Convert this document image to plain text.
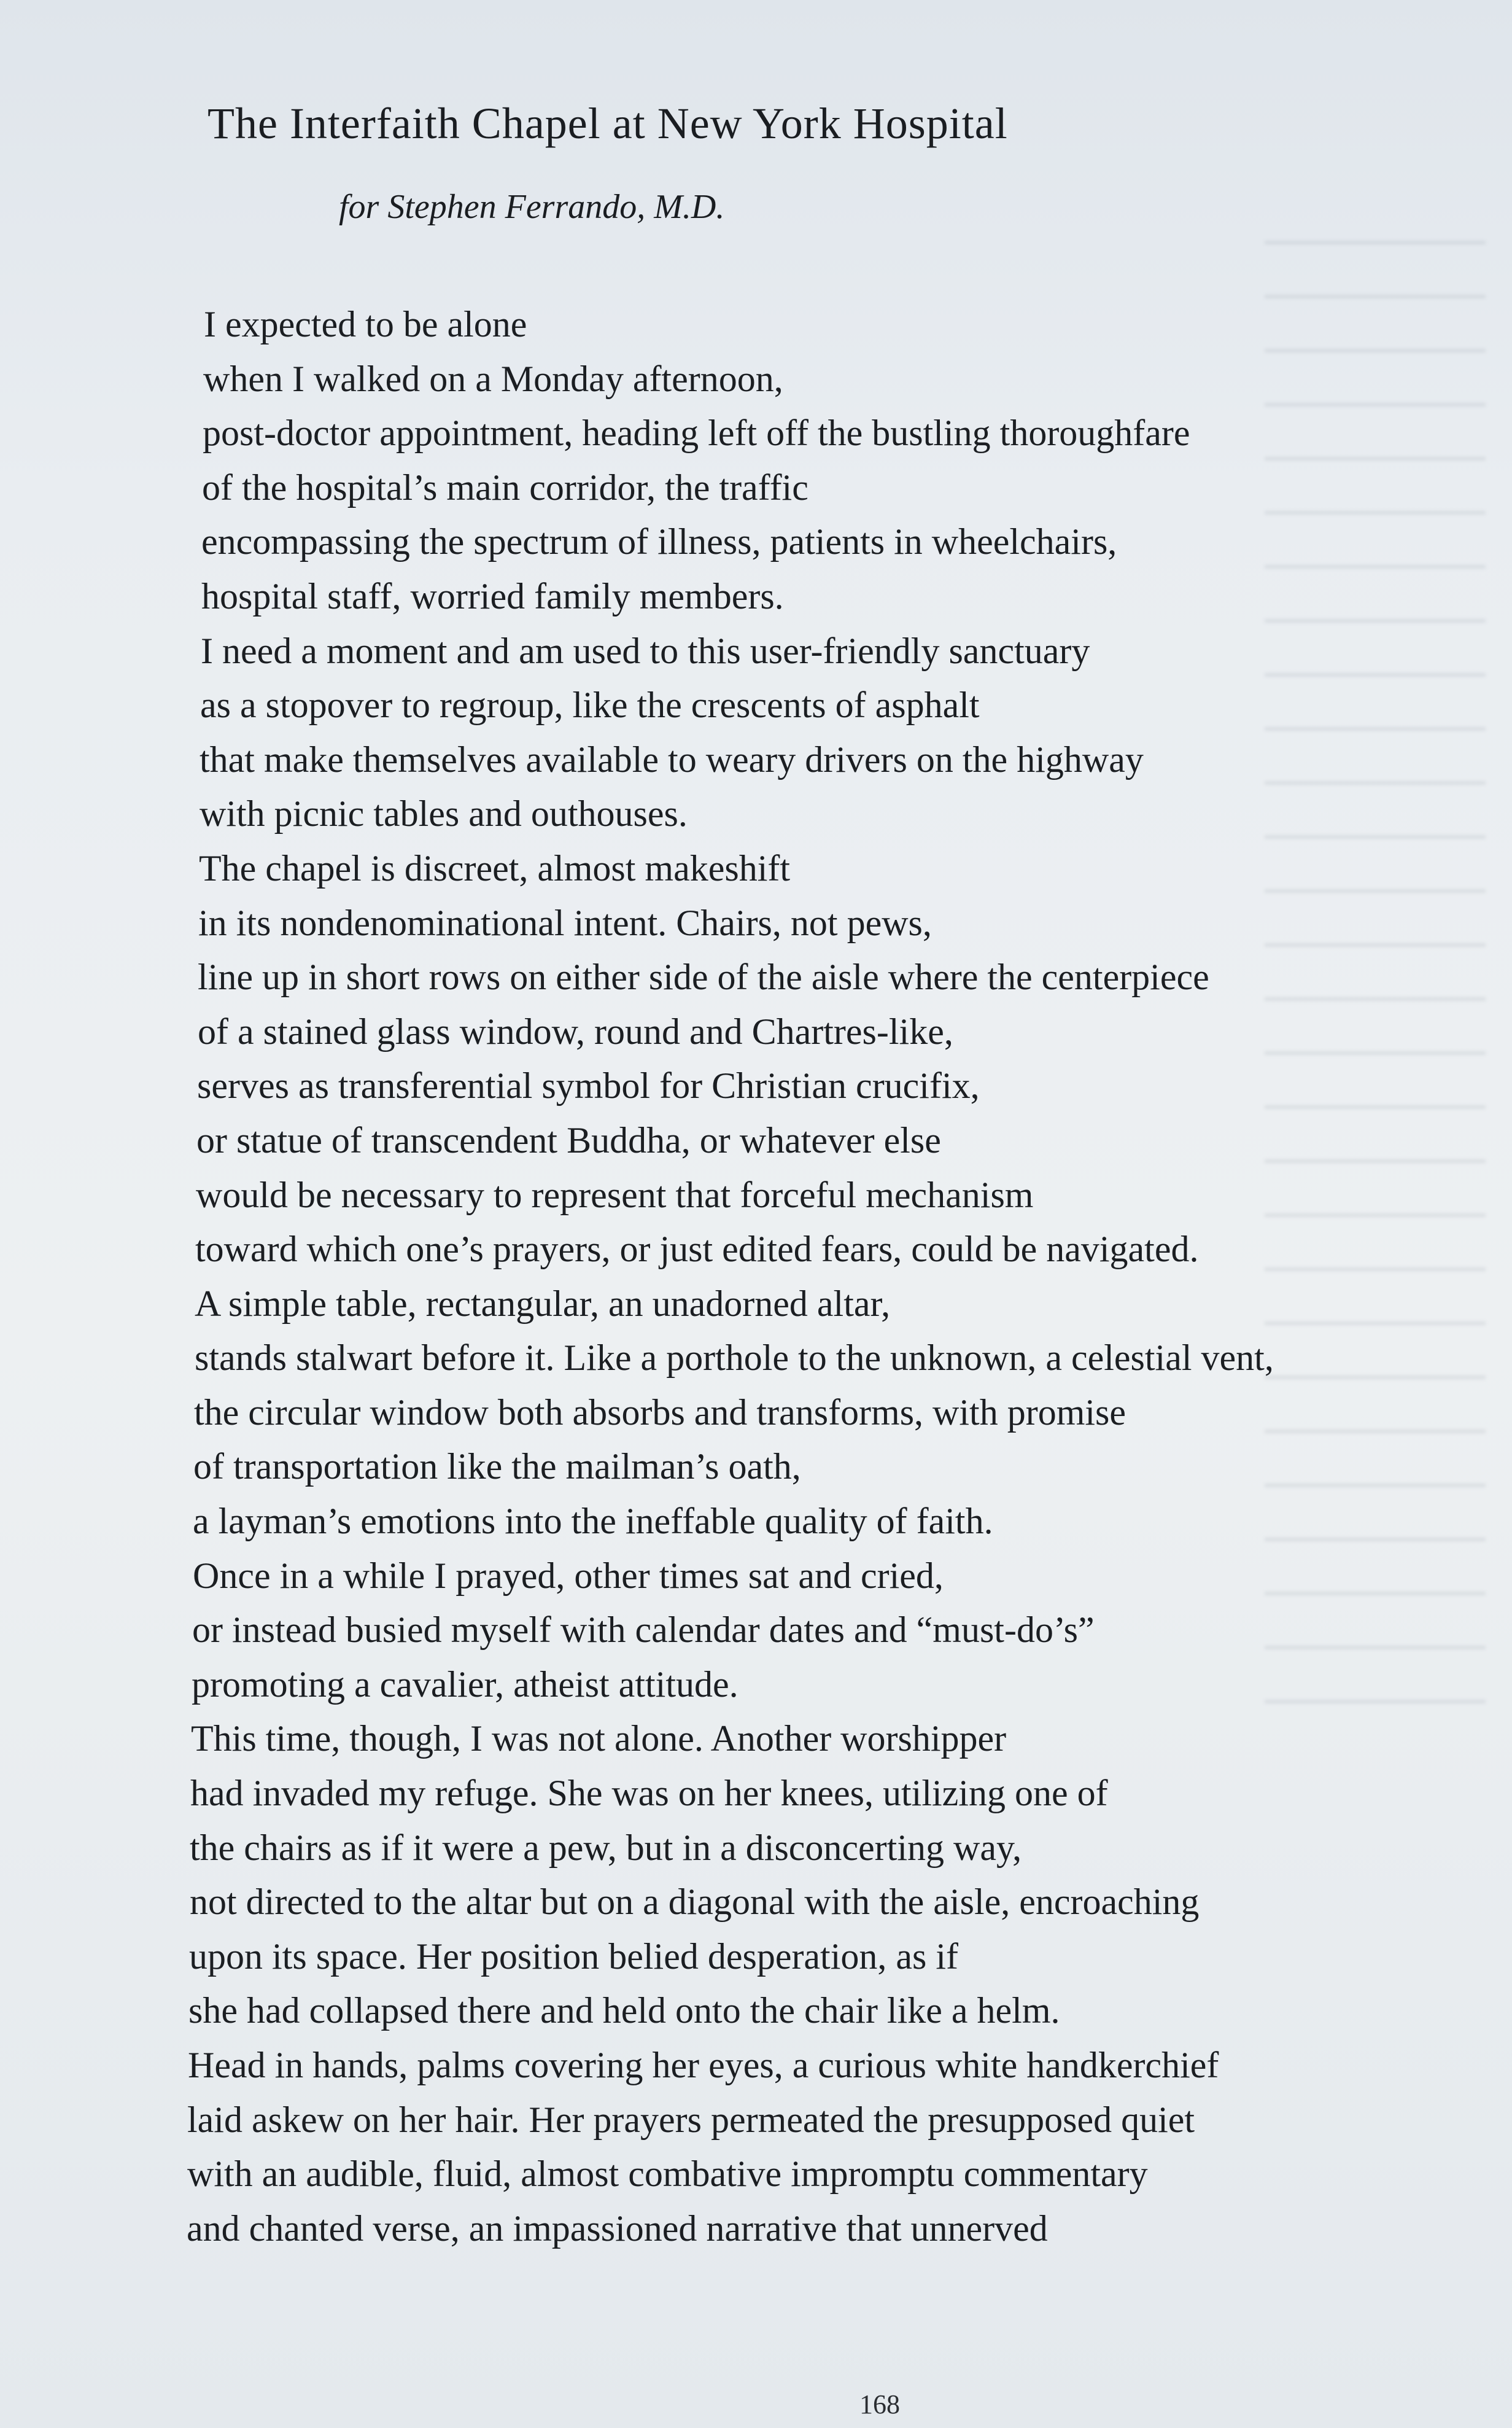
The Interfaith Chapel at New York Hospital
for Stephen Ferrando, M.D.
I expected to be alone
when I walked on a Monday afternoon,
post-doctor appointment, heading left off the bustling thoroughfare
of the hospital’s main corridor, the traffic
encompassing the spectrum of illness, patients in wheelchairs,
hospital staff, worried family members.
I need a moment and am used to this user-friendly sanctuary
as a stopover to regroup, like the crescents of asphalt
that make themselves available to weary drivers on the highway
with picnic tables and outhouses.
The chapel is discreet, almost makeshift
in its nondenominational intent. Chairs, not pews,
line up in short rows on either side of the aisle where the centerpiece
of a stained glass window, round and Chartres-like,
serves as transferential symbol for Christian crucifix,
or statue of transcendent Buddha, or whatever else
would be necessary to represent that forceful mechanism
toward which one’s prayers, or just edited fears, could be navigated.
A simple table, rectangular, an unadorned altar,
stands stalwart before it. Like a porthole to the unknown, a celestial vent,
the circular window both absorbs and transforms, with promise
of transportation like the mailman’s oath,
a layman’s emotions into the ineffable quality of faith.
Once in a while I prayed, other times sat and cried,
or instead busied myself with calendar dates and “must-do’s”
promoting a cavalier, atheist attitude.
This time, though, I was not alone. Another worshipper
had invaded my refuge. She was on her knees, utilizing one of
the chairs as if it were a pew, but in a disconcerting way,
not directed to the altar but on a diagonal with the aisle, encroaching
upon its space. Her position belied desperation, as if
she had collapsed there and held onto the chair like a helm.
Head in hands, palms covering her eyes, a curious white handkerchief
laid askew on her hair. Her prayers permeated the presupposed quiet
with an audible, fluid, almost combative impromptu commentary
and chanted verse, an impassioned narrative that unnerved
168
